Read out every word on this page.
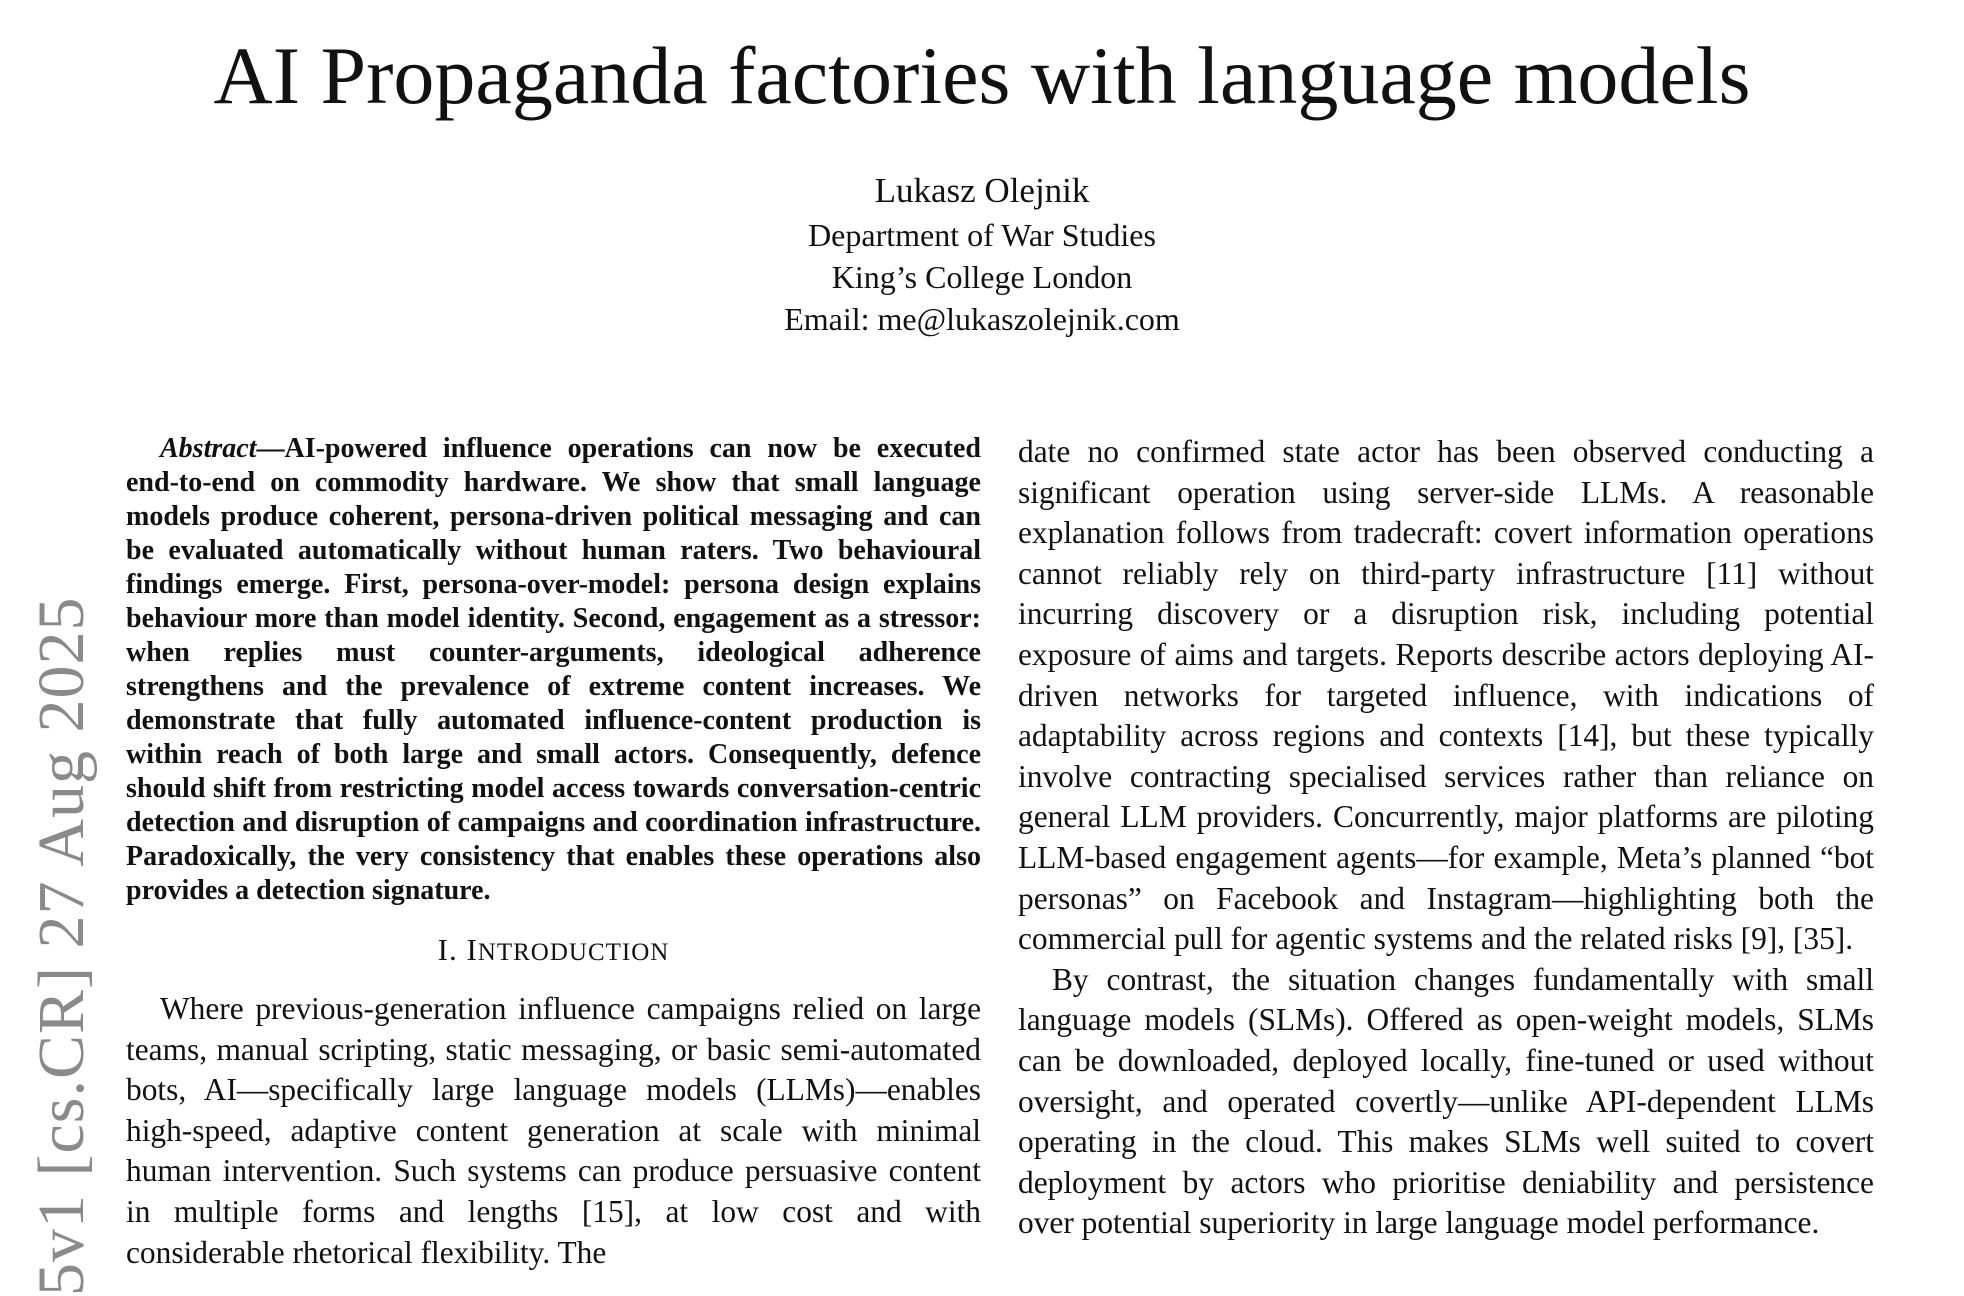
AI Propaganda factories with language models
Lukasz Olejnik
Department of War Studies
King’s College London
Email: me@lukaszolejnik.com
5v1 [cs.CR] 27 Aug 2025

Abstract—AI-powered influence operations can now be executed end-to-end on commodity hardware. We show that small language models produce coherent, persona-driven political messaging and can be evaluated automatically without human raters. Two behavioural findings emerge. First, persona-over-model: persona design explains behaviour more than model identity. Second, engagement as a stressor: when replies must counter-arguments, ideological adherence strengthens and the prevalence of extreme content increases. We demonstrate that fully automated influence-content production is within reach of both large and small actors. Consequently, defence should shift from restricting model access towards conversation-centric detection and disruption of campaigns and coordination infrastructure. Paradoxically, the very consistency that enables these operations also provides a detection signature.

I. INTRODUCTION

Where previous-generation influence campaigns relied on large teams, manual scripting, static messaging, or basic semi-automated bots, AI—specifically large language models (LLMs)—enables high-speed, adaptive content generation at scale with minimal human intervention. Such systems can produce persuasive content in multiple forms and lengths [15], at low cost and with considerable rhetorical flexibility. The

date no confirmed state actor has been observed conducting a significant operation using server-side LLMs. A reasonable explanation follows from tradecraft: covert information operations cannot reliably rely on third-party infrastructure [11] without incurring discovery or a disruption risk, including potential exposure of aims and targets. Reports describe actors deploying AI-driven networks for targeted influence, with indications of adaptability across regions and contexts [14], but these typically involve contracting specialised services rather than reliance on general LLM providers. Concurrently, major platforms are piloting LLM-based engagement agents—for example, Meta’s planned “bot personas” on Facebook and Instagram—highlighting both the commercial pull for agentic systems and the related risks [9], [35].

By contrast, the situation changes fundamentally with small language models (SLMs). Offered as open-weight models, SLMs can be downloaded, deployed locally, fine-tuned or used without oversight, and operated covertly—unlike API-dependent LLMs operating in the cloud. This makes SLMs well suited to covert deployment by actors who prioritise deniability and persistence over potential superiority in large language model performance.
